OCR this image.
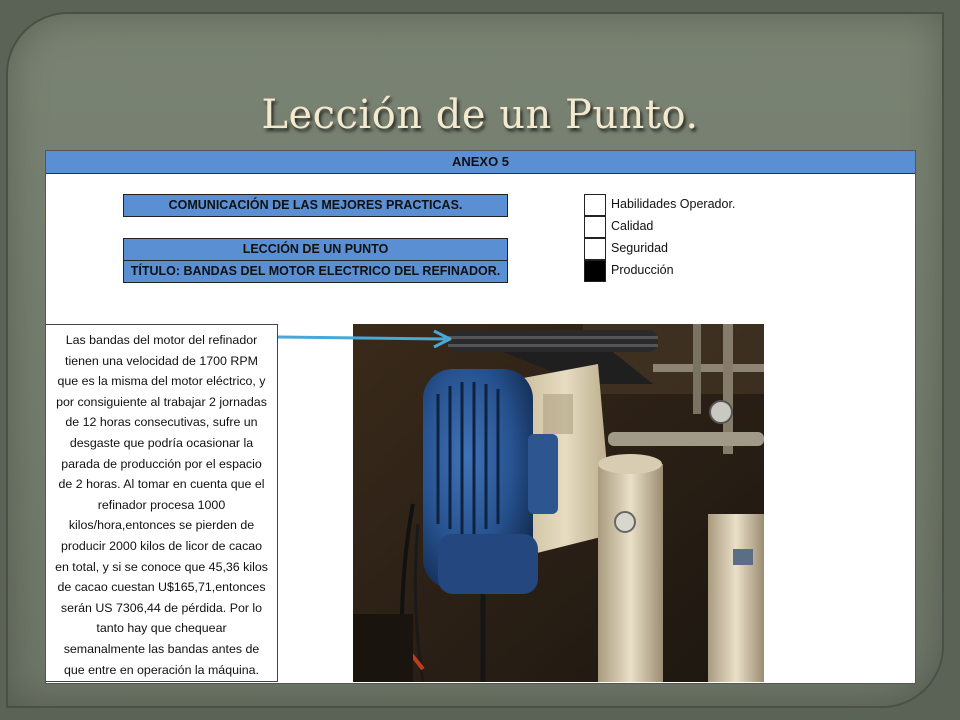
Lección de un Punto.
ANEXO 5
COMUNICACIÓN DE LAS MEJORES PRACTICAS.
LECCIÓN DE UN PUNTO
TÍTULO: BANDAS DEL MOTOR ELECTRICO DEL REFINADOR.
Habilidades Operador.
Calidad
Seguridad
Producción
Las bandas del motor del refinador
tienen una velocidad de 1700 RPM
que es la misma del motor eléctrico, y
por consiguiente al trabajar 2 jornadas
de 12 horas consecutivas, sufre un
desgaste que podría ocasionar la
parada de producción por el espacio
de 2 horas. Al tomar en cuenta que el
refinador procesa 1000
kilos/hora,entonces se pierden de
producir 2000 kilos de licor de cacao
en total, y si se conoce que 45,36 kilos
de cacao cuestan U$165,71,entonces
serán US 7306,44 de pérdida. Por lo
tanto hay que chequear
semanalmente las bandas antes de
que entre en operación la máquina.
